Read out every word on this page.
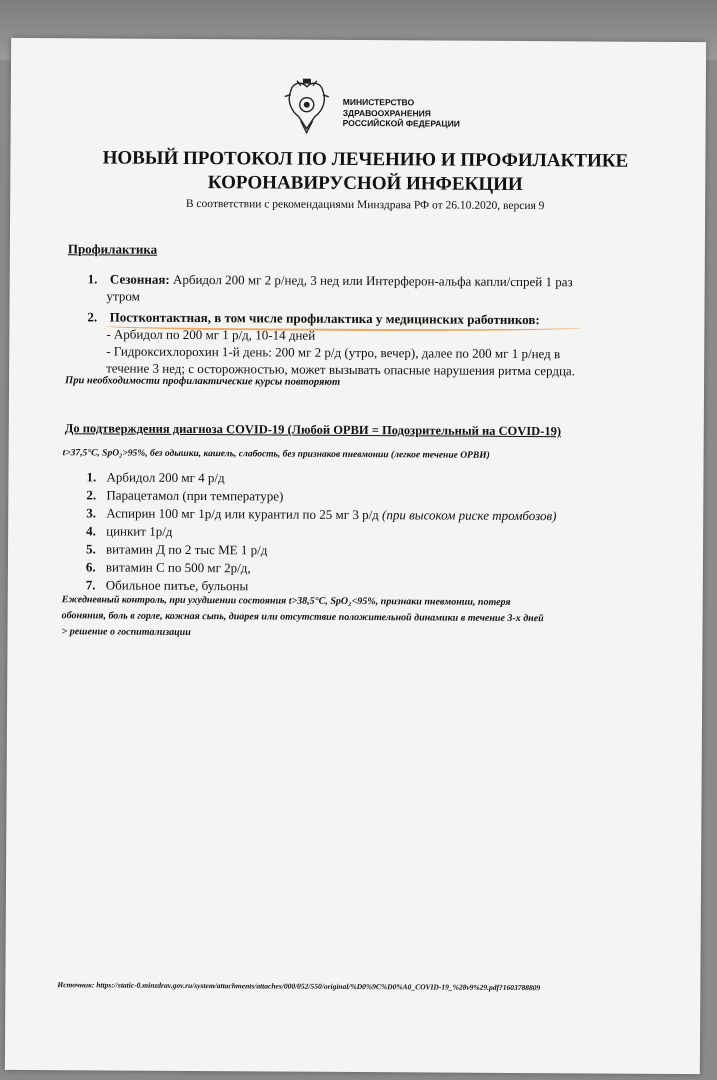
МИНИСТЕРСТВО
ЗДРАВООХРАНЕНИЯ
РОССИЙСКОЙ ФЕДЕРАЦИИ
НОВЫЙ ПРОТОКОЛ ПО ЛЕЧЕНИЮ И ПРОФИЛАКТИКЕ
КОРОНАВИРУСНОЙ ИНФЕКЦИИ
В соответствии с рекомендациями Минздрава РФ от 26.10.2020, версия 9
Профилактика
1. Сезонная: Арбидол 200 мг 2 р/нед, 3 нед или Интерферон-альфа капли/спрей 1 раз
утром
2. Постконтактная, в том числе профилактика у медицинских работников:
- Арбидол по 200 мг 1 р/д, 10-14 дней
- Гидроксихлорохин 1-й день: 200 мг 2 р/д (утро, вечер), далее по 200 мг 1 р/нед в
течение 3 нед; с осторожностью, может вызывать опасные нарушения ритма сердца.
При необходимости профилактические курсы повторяют
До подтверждения диагноза COVID-19 (Любой ОРВИ = Подозрительный на COVID-19)
t>37,5°C, SpO₂>95%, без одышки, кашель, слабость, без признаков пневмонии (легкое течение ОРВИ)
1. Арбидол 200 мг 4 р/д
2. Парацетамол (при температуре)
3. Аспирин 100 мг 1р/д или курантил по 25 мг 3 р/д (при высоком риске тромбозов)
4. цинкит 1р/д
5. витамин Д по 2 тыс МЕ 1 р/д
6. витамин С по 500 мг 2р/д,
7. Обильное питье, бульоны
Ежедневный контроль, при ухудшении состояния t>38,5°C, SpO₂<95%, признаки пневмонии, потеря
обоняния, боль в горле, кожная сыпь, диарея или отсутствие положительной динамики в течение 3-х дней
> решение о госпитализации
Источник: https://static-0.minzdrav.gov.ru/system/attachments/attaches/000/052/550/original/%D0%9C%D0%A0_COVID-19_%28v9%29.pdf?1603788809
